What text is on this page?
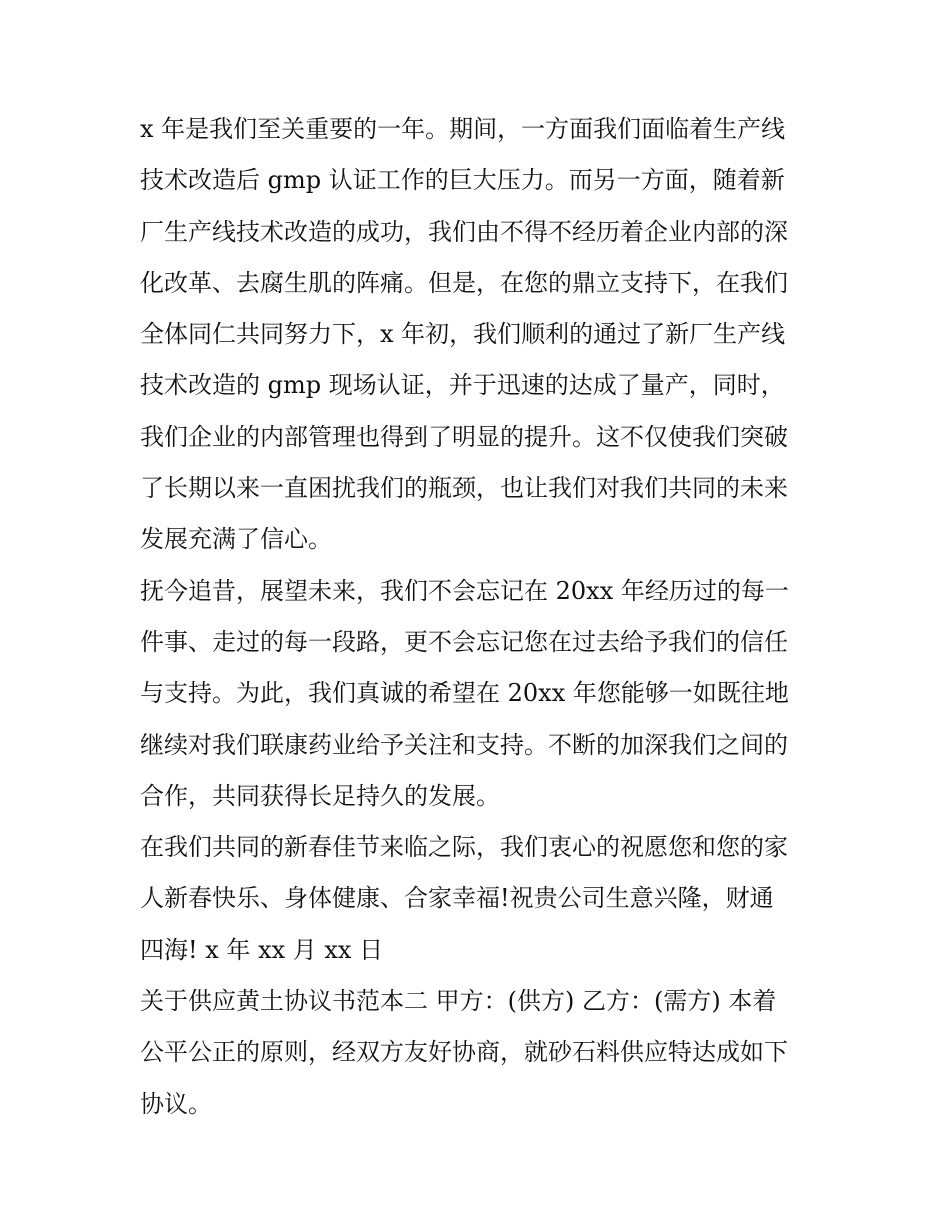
x 年是我们至关重要的一年。期间，一方面我们面临着生产线

技术改造后 gmp 认证工作的巨大压力。而另一方面，随着新

厂生产线技术改造的成功，我们由不得不经历着企业内部的深

化改革、去腐生肌的阵痛。但是，在您的鼎立支持下，在我们

全体同仁共同努力下，x 年初，我们顺利的通过了新厂生产线

技术改造的 gmp 现场认证，并于迅速的达成了量产，同时，

我们企业的内部管理也得到了明显的提升。这不仅使我们突破

了长期以来一直困扰我们的瓶颈，也让我们对我们共同的未来

发展充满了信心。

抚今追昔，展望未来，我们不会忘记在 20xx 年经历过的每一

件事、走过的每一段路，更不会忘记您在过去给予我们的信任

与支持。为此，我们真诚的希望在 20xx 年您能够一如既往地

继续对我们联康药业给予关注和支持。不断的加深我们之间的

合作，共同获得长足持久的发展。

在我们共同的新春佳节来临之际，我们衷心的祝愿您和您的家

人新春快乐、身体健康、合家幸福!祝贵公司生意兴隆，财通

四海! x 年 xx 月 xx 日

关于供应黄土协议书范本二 甲方：(供方) 乙方：(需方) 本着

公平公正的原则，经双方友好协商，就砂石料供应特达成如下

协议。
